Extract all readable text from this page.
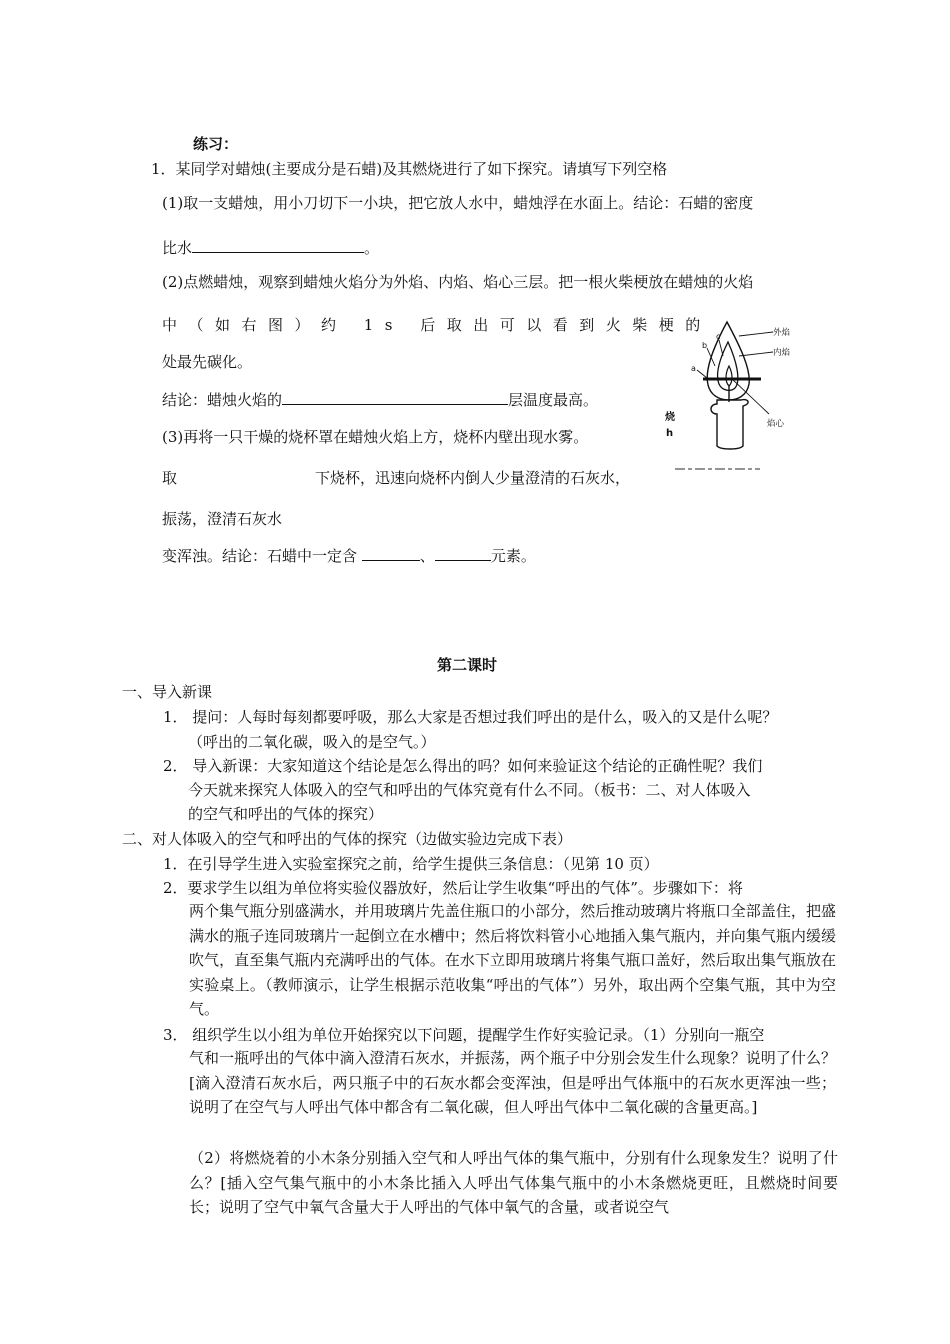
练习：
1．某同学对蜡烛(主要成分是石蜡)及其燃烧进行了如下探究。请填写下列空格
(1)取一支蜡烛，用小刀切下一小块，把它放人水中，蜡烛浮在水面上。结论：石蜡的密度
比水	。
(2)点燃蜡烛，观察到蜡烛火焰分为外焰、内焰、焰心三层。把一根火柴梗放在蜡烛的火焰
中（如右图）约 1s 后取出可以看到火柴梗的
处最先碳化。
结论：蜡烛火焰的	层温度最高。
(3)再将一只干燥的烧杯罩在蜡烛火焰上方，烧杯内壁出现水雾。
取	下烧杯，迅速向烧杯内倒人少量澄清的石灰水，
振荡，澄清石灰水
变浑浊。结论：石蜡中一定含	、	元素。
外焰
内焰
焰心
a
b
c
烧
h
第二课时
一、导入新课
1． 提问：人每时每刻都要呼吸，那么大家是否想过我们呼出的是什么，吸入的又是什么呢？
（呼出的二氧化碳，吸入的是空气。）
2． 导入新课：大家知道这个结论是怎么得出的吗？如何来验证这个结论的正确性呢？我们
今天就来探究人体吸入的空气和呼出的气体究竟有什么不同。（板书：二、对人体吸入
的空气和呼出的气体的探究）
二、对人体吸入的空气和呼出的气体的探究（边做实验边完成下表）
1．在引导学生进入实验室探究之前，给学生提供三条信息：（见第 10 页）
2．要求学生以组为单位将实验仪器放好，然后让学生收集“呼出的气体”。步骤如下：将
两个集气瓶分别盛满水，并用玻璃片先盖住瓶口的小部分，然后推动玻璃片将瓶口全部盖住，把盛满水的瓶子连同玻璃片一起倒立在水槽中；然后将饮料管小心地插入集气瓶内，并向集气瓶内缓缓吹气，直至集气瓶内充满呼出的气体。在水下立即用玻璃片将集气瓶口盖好，然后取出集气瓶放在实验桌上。（教师演示，让学生根据示范收集“呼出的气体”）另外，取出两个空集气瓶，其中为空气。
3． 组织学生以小组为单位开始探究以下问题，提醒学生作好实验记录。（1）分别向一瓶空
气和一瓶呼出的气体中滴入澄清石灰水，并振荡，两个瓶子中分别会发生什么现象？说明了什么？[滴入澄清石灰水后，两只瓶子中的石灰水都会变浑浊，但是呼出气体瓶中的石灰水更浑浊一些；说明了在空气与人呼出气体中都含有二氧化碳，但人呼出气体中二氧化碳的含量更高。]
（2）将燃烧着的小木条分别插入空气和人呼出气体的集气瓶中，分别有什么现象发生？说明了什么？[插入空气集气瓶中的小木条比插入人呼出气体集气瓶中的小木条燃烧更旺，且燃烧时间要长；说明了空气中氧气含量大于人呼出的气体中氧气的含量，或者说空气
